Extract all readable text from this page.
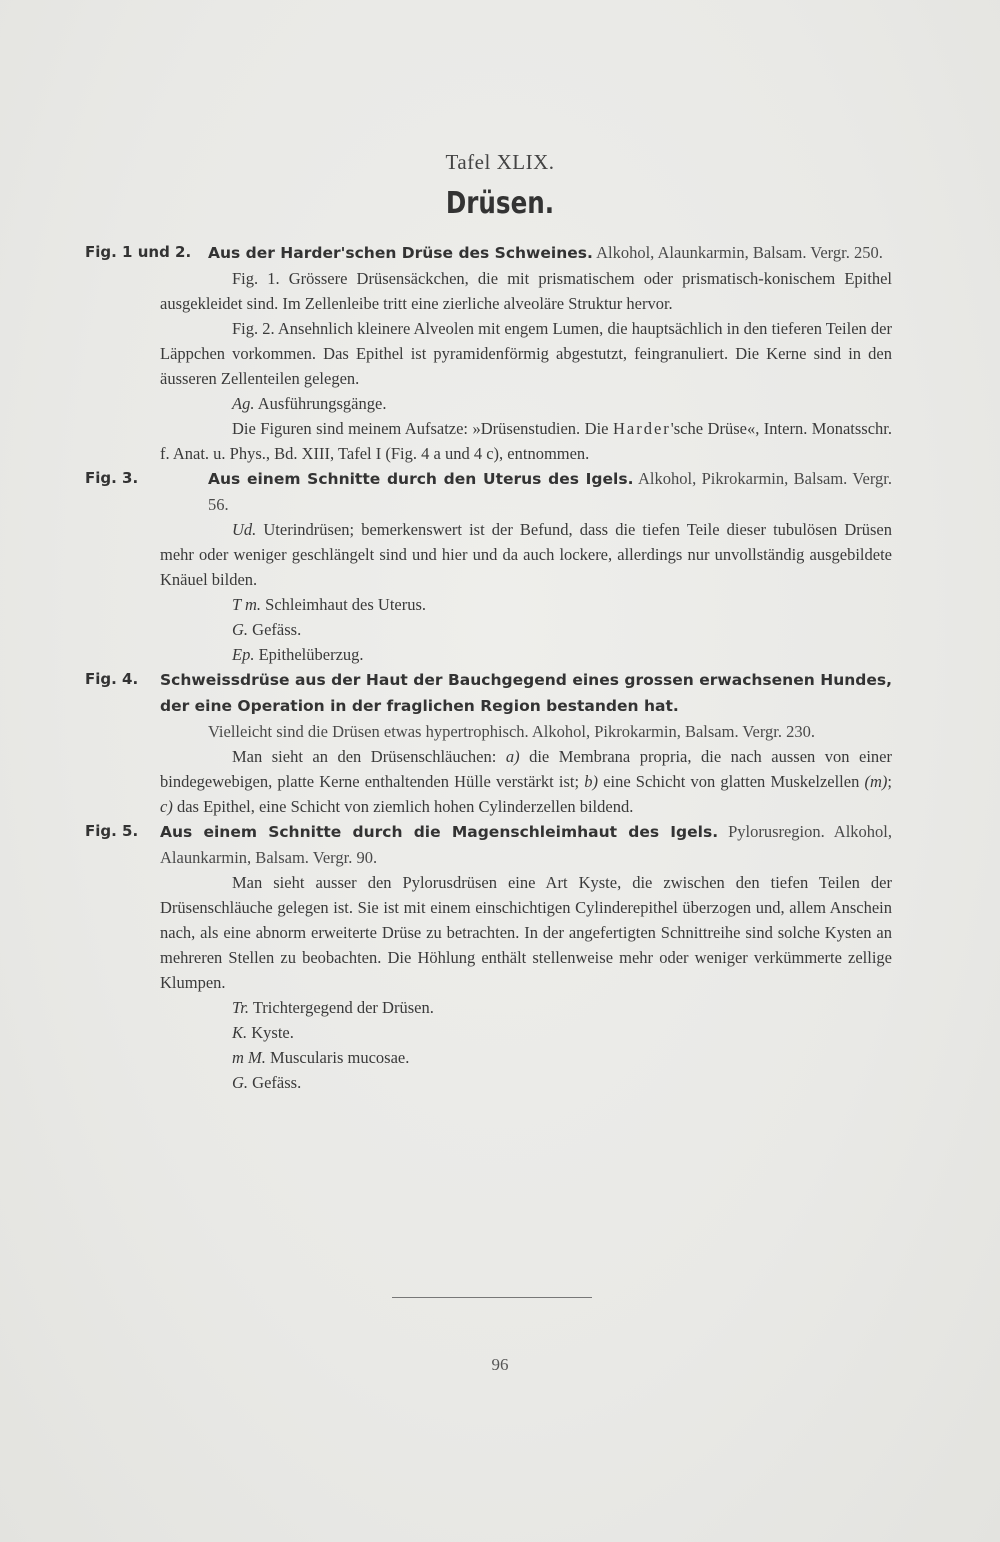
Tafel XLIX.
Drüsen.
Fig. 1 und 2.	Aus der Harder'schen Drüse des Schweines. Alkohol, Alaunkarmin, Balsam. Vergr. 250.

Fig. 1. Grössere Drüsensäckchen, die mit prismatischem oder prismatisch-konischem Epithel ausgekleidet sind. Im Zellenleibe tritt eine zierliche alveoläre Struktur hervor.

Fig. 2. Ansehnlich kleinere Alveolen mit engem Lumen, die hauptsächlich in den tieferen Teilen der Läppchen vorkommen. Das Epithel ist pyramidenförmig abgestutzt, feingranuliert. Die Kerne sind in den äusseren Zellenteilen gelegen.

Ag. Ausführungsgänge.

Die Figuren sind meinem Aufsatze: »Drüsenstudien. Die Harder'sche Drüse«, Intern. Monatsschr. f. Anat. u. Phys., Bd. XIII, Tafel I (Fig. 4 a und 4 c), entnommen.

Fig. 3.	Aus einem Schnitte durch den Uterus des Igels. Alkohol, Pikrokarmin, Balsam. Vergr. 56.

Ud. Uterindrüsen; bemerkenswert ist der Befund, dass die tiefen Teile dieser tubulösen Drüsen mehr oder weniger geschlängelt sind und hier und da auch lockere, allerdings nur unvollständig ausgebildete Knäuel bilden.

T m. Schleimhaut des Uterus.

G. Gefäss.

Ep. Epithelüberzug.

Fig. 4. Schweissdrüse aus der Haut der Bauchgegend eines grossen erwachsenen Hundes, der eine Operation in der fraglichen Region bestanden hat.

Vielleicht sind die Drüsen etwas hypertrophisch. Alkohol, Pikrokarmin, Balsam. Vergr. 230.

Man sieht an den Drüsenschläuchen: a) die Membrana propria, die nach aussen von einer bindegewebigen, platte Kerne enthaltenden Hülle verstärkt ist; b) eine Schicht von glatten Muskelzellen (m); c) das Epithel, eine Schicht von ziemlich hohen Cylinderzellen bildend.

Fig. 5. Aus einem Schnitte durch die Magenschleimhaut des Igels. Pylorusregion. Alkohol, Alaunkarmin, Balsam. Vergr. 90.

Man sieht ausser den Pylorusdrüsen eine Art Kyste, die zwischen den tiefen Teilen der Drüsenschläuche gelegen ist. Sie ist mit einem einschichtigen Cylinderepithel überzogen und, allem Anschein nach, als eine abnorm erweiterte Drüse zu betrachten. In der angefertigten Schnittreihe sind solche Kysten an mehreren Stellen zu beobachten. Die Höhlung enthält stellenweise mehr oder weniger verkümmerte zellige Klumpen.

Tr. Trichtergegend der Drüsen.

K. Kyste.

m M. Muscularis mucosae.

G. Gefäss.

96
